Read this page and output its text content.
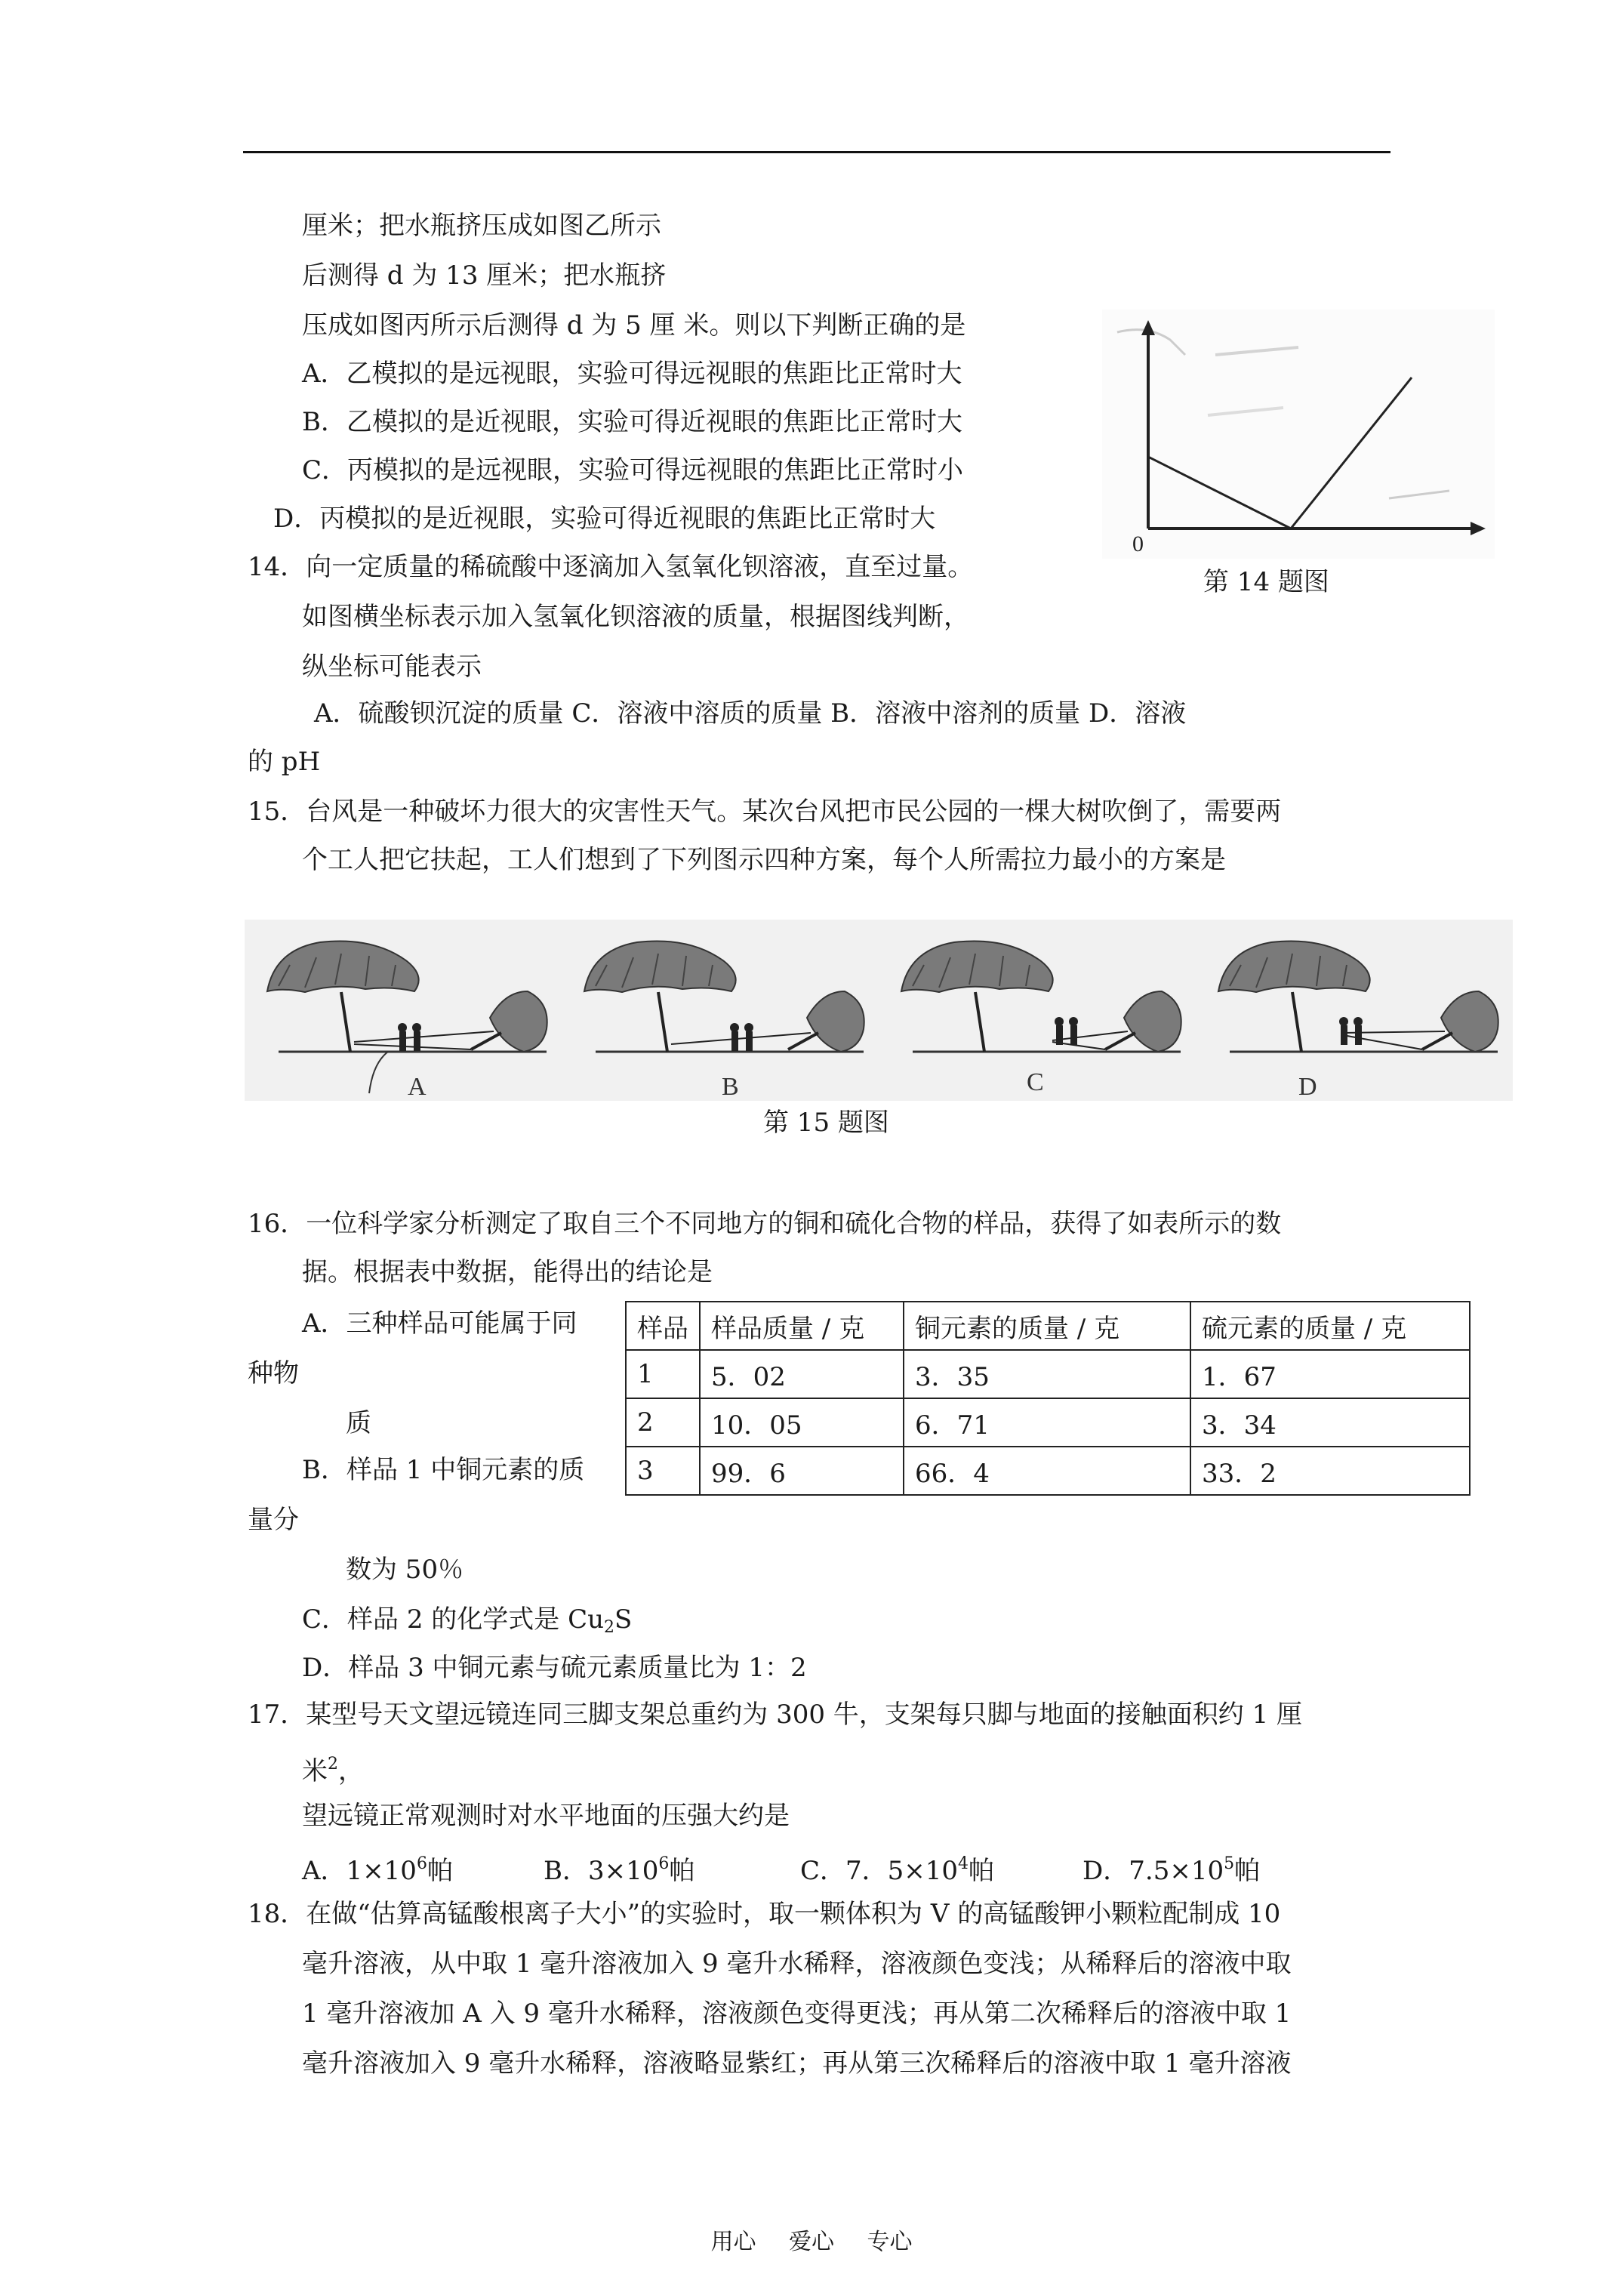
厘米；把水瓶挤压成如图乙所示
后测得 d 为 13 厘米；把水瓶挤
压成如图丙所示后测得 d 为 5 厘 米。则以下判断正确的是
A．乙模拟的是远视眼，实验可得远视眼的焦距比正常时大
B．乙模拟的是近视眼，实验可得近视眼的焦距比正常时大
C．丙模拟的是远视眼，实验可得远视眼的焦距比正常时小
D．丙模拟的是近视眼，实验可得近视眼的焦距比正常时大
0
第 14 题图
14．向一定质量的稀硫酸中逐滴加入氢氧化钡溶液，直至过量。
如图横坐标表示加入氢氧化钡溶液的质量，根据图线判断，
纵坐标可能表示
A．硫酸钡沉淀的质量 C．溶液中溶质的质量 B．溶液中溶剂的质量 D．溶液
的 pH
15．台风是一种破坏力很大的灾害性天气。某次台风把市民公园的一棵大树吹倒了，需要两
个工人把它扶起，工人们想到了下列图示四种方案，每个人所需拉力最小的方案是
A	B	C	D
第 15 题图
16．一位科学家分析测定了取自三个不同地方的铜和硫化合物的样品，获得了如表所示的数
据。根据表中数据，能得出的结论是
A．三种样品可能属于同
种物
质
B．样品 1 中铜元素的质
量分
数为 50％
C．样品 2 的化学式是 $Cu_2S$
D．样品 3 中铜元素与硫元素质量比为 1：2
样品	样品质量 / 克	铜元素的质量 / 克	硫元素的质量 / 克
1	5．02	3．35	1．67
2	10．05	6．71	3．34
3	99．6	66．4	33．2
17．某型号天文望远镜连同三脚支架总重约为 300 牛，支架每只脚与地面的接触面积约 1 厘
米$^2$，
望远镜正常观测时对水平地面的压强大约是
A．$1\times 10^6$帕	B．$3\times 10^6$帕	C．7．$5\times 10^4$帕	D．$7.5\times 10^5$帕
18．在做“估算高锰酸根离子大小”的实验时，取一颗体积为 V 的高锰酸钾小颗粒配制成 10
毫升溶液，从中取 1 毫升溶液加入 9 毫升水稀释，溶液颜色变浅；从稀释后的溶液中取
1 毫升溶液加 A 入 9 毫升水稀释，溶液颜色变得更浅；再从第二次稀释后的溶液中取 1
毫升溶液加入 9 毫升水稀释，溶液略显紫红；再从第三次稀释后的溶液中取 1 毫升溶液
用心 爱心 专心
